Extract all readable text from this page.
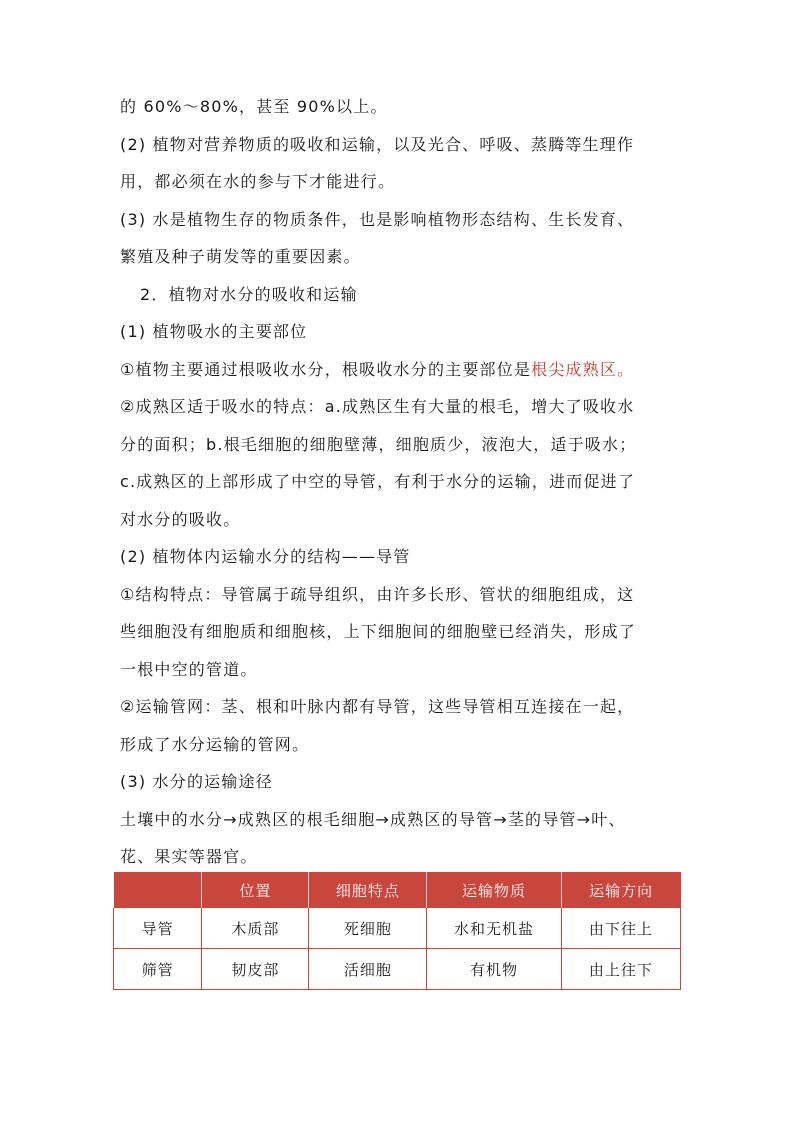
的 60%～80%，甚至 90%以上。
(2) 植物对营养物质的吸收和运输，以及光合、呼吸、蒸腾等生理作
用，都必须在水的参与下才能进行。
(3) 水是植物生存的物质条件，也是影响植物形态结构、生长发育、
繁殖及种子萌发等的重要因素。
2．植物对水分的吸收和运输
(1) 植物吸水的主要部位
①植物主要通过根吸收水分，根吸收水分的主要部位是根尖成熟区。
②成熟区适于吸水的特点：a.成熟区生有大量的根毛，增大了吸收水
分的面积；b.根毛细胞的细胞壁薄，细胞质少，液泡大，适于吸水；
c.成熟区的上部形成了中空的导管，有利于水分的运输，进而促进了
对水分的吸收。
(2) 植物体内运输水分的结构——导管
①结构特点：导管属于疏导组织，由许多长形、管状的细胞组成，这
些细胞没有细胞质和细胞核，上下细胞间的细胞壁已经消失，形成了
一根中空的管道。
②运输管网：茎、根和叶脉内都有导管，这些导管相互连接在一起，
形成了水分运输的管网。
(3) 水分的运输途径
土壤中的水分→成熟区的根毛细胞→成熟区的导管→茎的导管→叶、
花、果实等器官。
	位置	细胞特点	运输物质	运输方向
导管	木质部	死细胞	水和无机盐	由下往上
筛管	韧皮部	活细胞	有机物	由上往下
